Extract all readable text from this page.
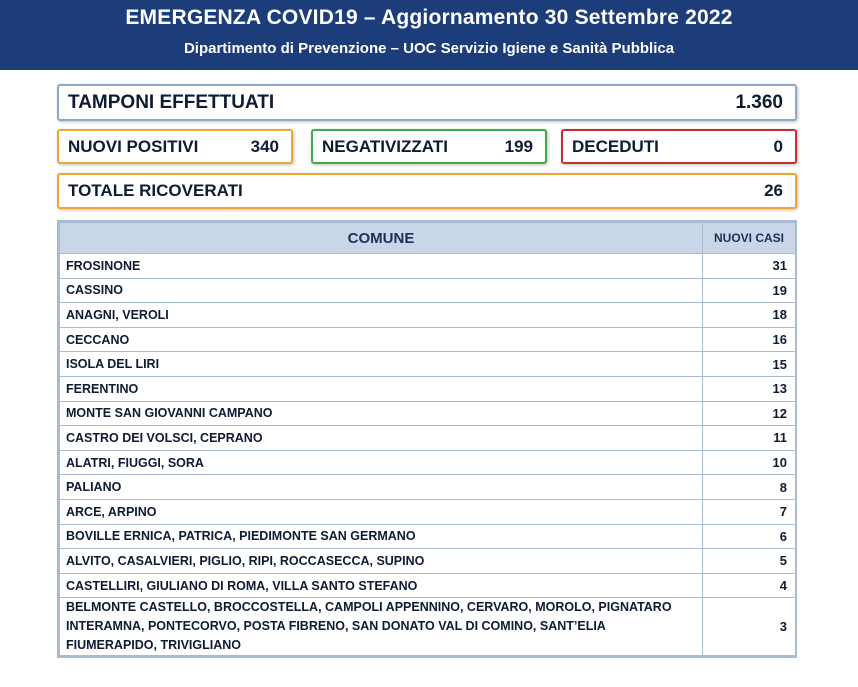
EMERGENZA COVID19 – Aggiornamento 30 Settembre 2022
Dipartimento di Prevenzione – UOC Servizio Igiene e Sanità Pubblica
TAMPONI EFFETTUATI	1.360
NUOVI POSITIVI	340	NEGATIVIZZATI	199 DECEDUTI	0
TOTALE RICOVERATI	26
COMUNE	NUOVI CASI
FROSINONE	31
CASSINO	19
ANAGNI, VEROLI	18
CECCANO	16
ISOLA DEL LIRI	15
FERENTINO	13
MONTE SAN GIOVANNI CAMPANO	12
CASTRO DEI VOLSCI, CEPRANO	11
ALATRI, FIUGGI, SORA	10
PALIANO	8
ARCE, ARPINO	7
BOVILLE ERNICA, PATRICA, PIEDIMONTE SAN GERMANO	6
ALVITO, CASALVIERI, PIGLIO, RIPI, ROCCASECCA, SUPINO	5
CASTELLIRI, GIULIANO DI ROMA, VILLA SANTO STEFANO	4
BELMONTE CASTELLO, BROCCOSTELLA, CAMPOLI APPENNINO, CERVARO, MOROLO, PIGNATARO INTERAMNA, PONTECORVO, POSTA FIBRENO, SAN DONATO VAL DI COMINO, SANT’ELIA FIUMERAPIDO, TRIVIGLIANO	3
